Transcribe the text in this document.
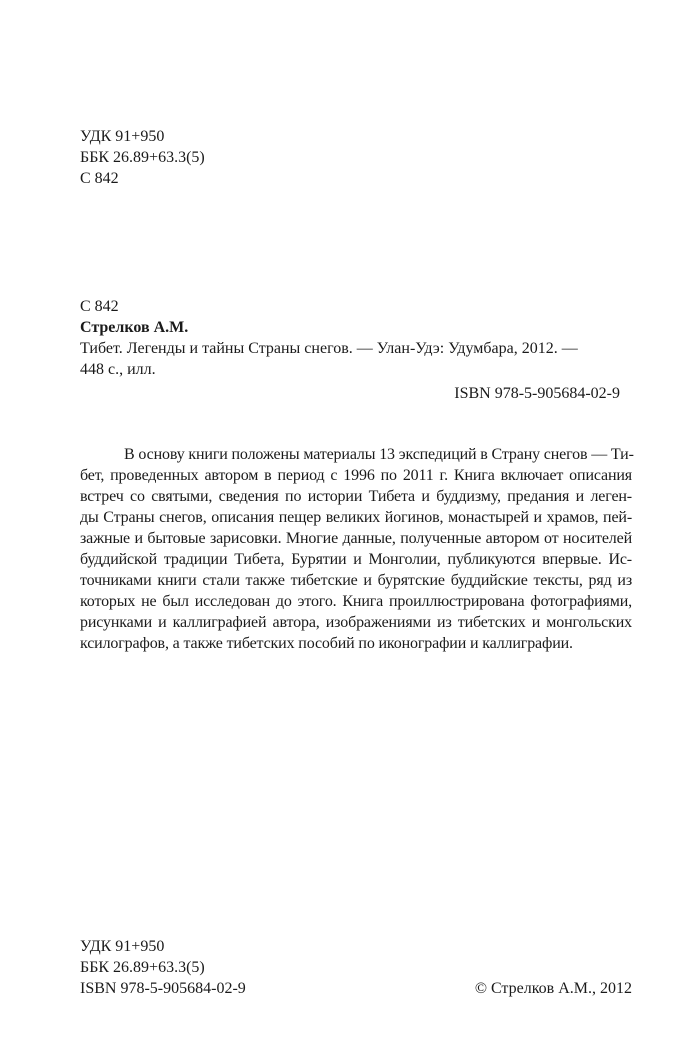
УДК 91+950
ББК 26.89+63.3(5)
С 842
С 842
Стрелков А.М.
Тибет. Легенды и тайны Страны снегов. — Улан-Удэ: Удумбара, 2012. —
448 с., илл.
ISBN 978-5-905684-02-9
В основу книги положены материалы 13 экспедиций в Страну снегов — Ти-
бет, проведенных автором в период с 1996 по 2011 г. Книга включает описания
встреч со святыми, сведения по истории Тибета и буддизму, предания и леген-
ды Страны снегов, описания пещер великих йогинов, монастырей и храмов, пей-
зажные и бытовые зарисовки. Многие данные, полученные автором от носителей
буддийской традиции Тибета, Бурятии и Монголии, публикуются впервые. Ис-
точниками книги стали также тибетские и бурятские буддийские тексты, ряд из
которых не был исследован до этого. Книга проиллюстрирована фотографиями,
рисунками и каллиграфией автора, изображениями из тибетских и монгольских
ксилографов, а также тибетских пособий по иконографии и каллиграфии.
УДК 91+950
ББК 26.89+63.3(5)
ISBN 978-5-905684-02-9	© Стрелков А.М., 2012
